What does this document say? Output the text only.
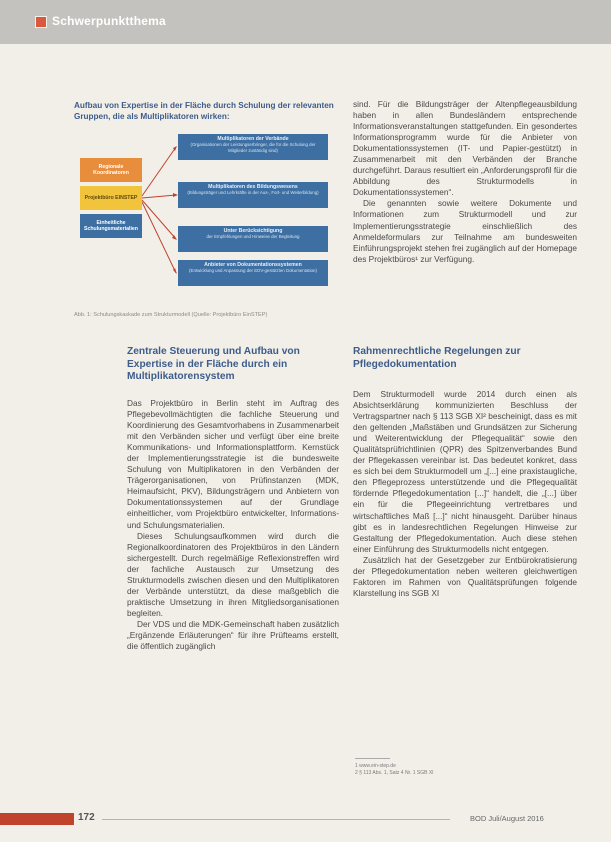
Schwerpunktthema
Aufbau von Expertise in der Fläche durch Schulung der relevanten Gruppen, die als Multiplikatoren wirken:
Regionale Koordinatoren
Projektbüro EINSTEP
Einheitliche Schulungsmaterialien
Multiplikatoren der Verbände
(Organisationen der Leistungserbringer, die für die Schulung der Mitglieder zuständig sind)
Multiplikatoren des Bildungswesens
(Bildungsträger und Lehrkräfte in der Aus-, Fort- und Weiterbildung)
Unter Berücksichtigung
der Empfehlungen und Hinweise der Begleitung
Anbieter von Dokumentationssystemen
(Entwicklung und Anpassung der EDV-gestützten Dokumentation)
Abb. 1: Schulungskaskade zum Strukturmodell (Quelle: Projektbüro EinSTEP)

sind. Für die Bildungsträger der Altenpflegeausbildung haben in allen Bundesländern entsprechende Informationsveranstaltungen stattgefunden. Ein gesondertes Informationsprogramm wurde für die Anbieter von Dokumentationssystemen (IT- und Papier-gestützt) in Zusammenarbeit mit den Verbänden der Branche durchgeführt. Daraus resultiert ein „Anforderungsprofil für die Abbildung des Strukturmodells in Dokumentationssystemen“.

Die genannten sowie weitere Dokumente und Informationen zum Strukturmodell und zur Implementierungsstrategie einschließlich des Anmeldeformulars zur Teilnahme am bundesweiten Einführungsprojekt stehen frei zugänglich auf der Homepage des Projektbüros¹ zur Verfügung.

Zentrale Steuerung und Aufbau von Expertise in der Fläche durch ein Multiplikatorensystem

Das Projektbüro in Berlin steht im Auftrag des Pflegebevollmächtigten die fachliche Steuerung und Koordinierung des Gesamtvorhabens in Zusammenarbeit mit den Verbänden sicher und verfügt über eine breite Kommunikations- und Informationsplattform. Kernstück der Implementierungsstrategie ist die bundesweite Schulung von Multiplikatoren in den Verbänden der Trägerorganisationen, von Prüfinstanzen (MDK, Heimaufsicht, PKV), Bildungsträgern und Anbietern von Dokumentationssystemen auf der Grundlage einheitlicher, vom Projektbüro entwickelter, Informations- und Schulungsmaterialien.

Dieses Schulungsaufkommen wird durch die Regionalkoordinatoren des Projektbüros in den Ländern sichergestellt. Durch regelmäßige Reflexionstreffen wird der fachliche Austausch zur Umsetzung des Strukturmodells zwischen diesen und den Multiplikatoren der Verbände unterstützt, da diese maßgeblich die praktische Umsetzung in ihren Mitgliedsorganisationen begleiten.

Der VDS und die MDK-Gemeinschaft haben zusätzlich „Ergänzende Erläuterungen“ für ihre Prüfteams erstellt, die öffentlich zugänglich

Rahmenrechtliche Regelungen zur Pflegedokumentation

Dem Strukturmodell wurde 2014 durch einen als Absichtserklärung kommunizierten Beschluss der Vertragspartner nach § 113 SGB XI² bescheinigt, dass es mit den geltenden „Maßstäben und Grundsätzen zur Sicherung und Weiterentwicklung der Pflegequalität“ sowie den Qualitätsprüfrichtlinien (QPR) des Spitzenverbandes Bund der Pflegekassen vereinbar ist. Das bedeutet konkret, dass es sich bei dem Strukturmodell um „[...] eine praxistaugliche, den Pflegeprozess unterstützende und die Pflegequalität fördernde Pflegedokumentation [...]“ handelt, die „[...] über ein für die Pflegeeinrichtung vertretbares und wirtschaftliches Maß [...]“ nicht hinausgeht. Darüber hinaus gibt es in landesrechtlichen Regelungen Hinweise zur Gestaltung der Pflegedokumentation. Auch diese stehen einer Einführung des Strukturmodells nicht entgegen.

Zusätzlich hat der Gesetzgeber zur Entbürokratisierung der Pflegedokumentation neben weiteren gleichwertigen Faktoren im Rahmen von Qualitätsprüfungen folgende Klarstellung ins SGB XI

1 www.ein-step.de
2 § 113 Abs. 1, Satz 4 Nr. 1 SGB XI
172	BOD Juli/August 2016
